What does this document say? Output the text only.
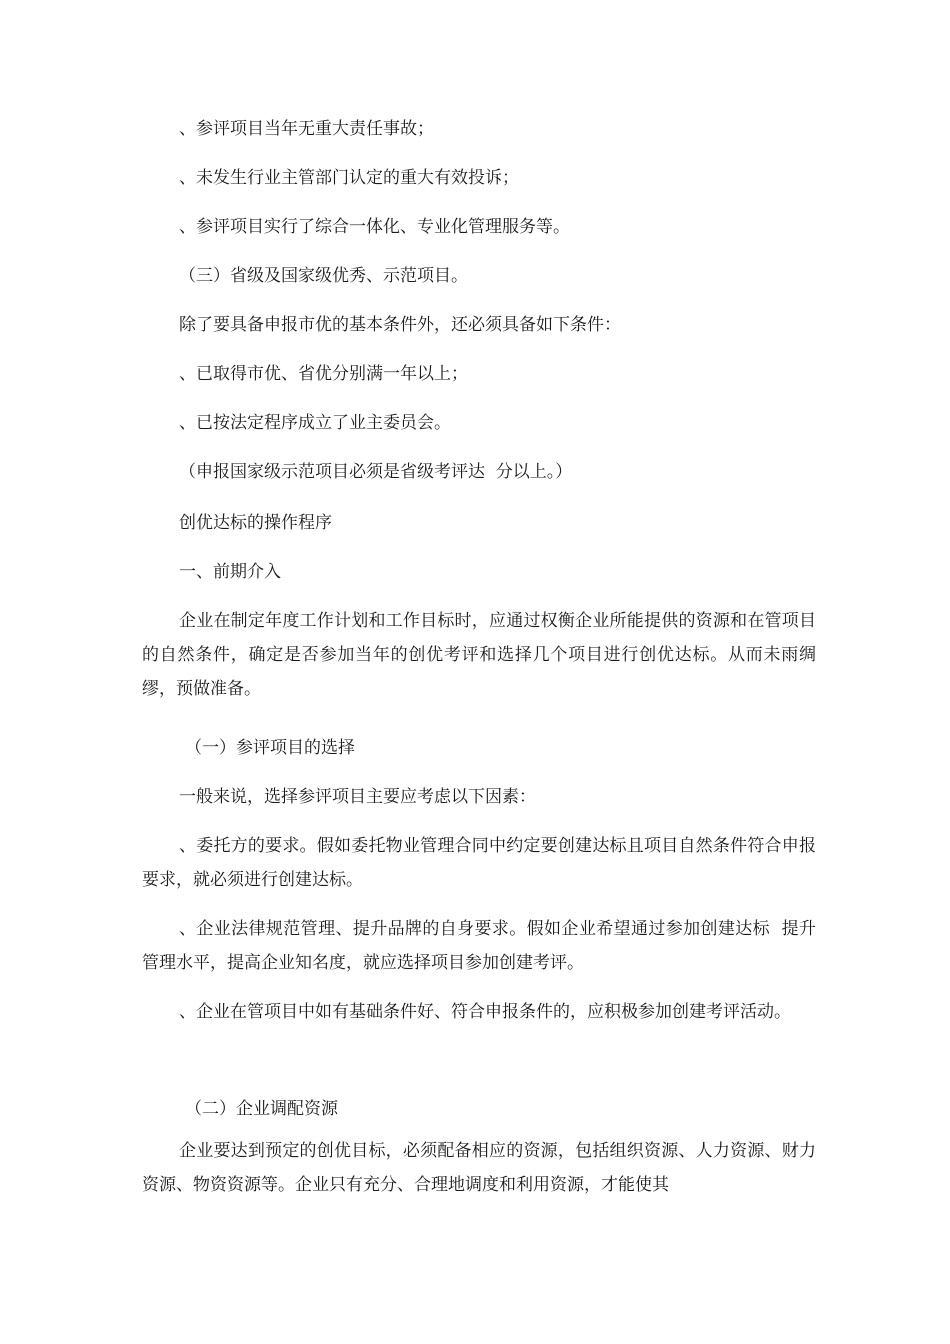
、参评项目当年无重大责任事故；

、未发生行业主管部门认定的重大有效投诉；

、参评项目实行了综合一体化、专业化管理服务等。

（三）省级及国家级优秀、示范项目。

除了要具备申报市优的基本条件外，还必须具备如下条件：

、已取得市优、省优分别满一年以上；

、已按法定程序成立了业主委员会。

（申报国家级示范项目必须是省级考评达  分以上。）

创优达标的操作程序

一、前期介入

企业在制定年度工作计划和工作目标时，应通过权衡企业所能提供的资源和在管项目的自然条件，确定是否参加当年的创优考评和选择几个项目进行创优达标。从而未雨绸缪，预做准备。

（一）参评项目的选择

一般来说，选择参评项目主要应考虑以下因素：

、委托方的要求。假如委托物业管理合同中约定要创建达标且项目自然条件符合申报要求，就必须进行创建达标。

、企业法律规范管理、提升品牌的自身要求。假如企业希望通过参加创建达标  提升管理水平，提高企业知名度，就应选择项目参加创建考评。

、企业在管项目中如有基础条件好、符合申报条件的，应积极参加创建考评活动。

（二）企业调配资源

企业要达到预定的创优目标，必须配备相应的资源，包括组织资源、人力资源、财力资源、物资资源等。企业只有充分、合理地调度和利用资源，才能使其
